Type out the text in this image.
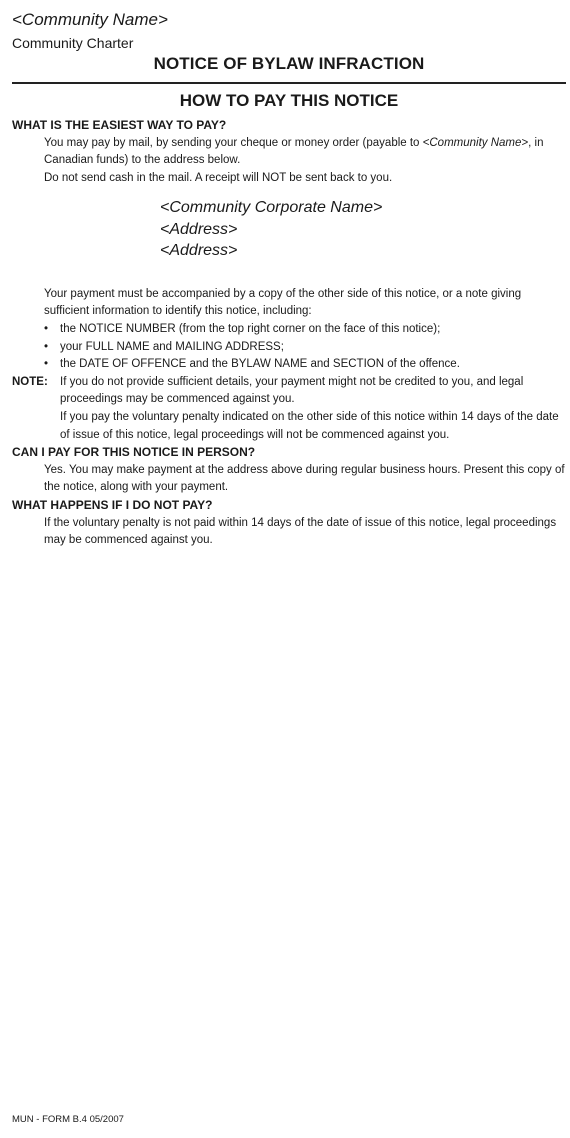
<Community Name>
Community Charter
NOTICE OF BYLAW INFRACTION
HOW TO PAY THIS NOTICE
WHAT IS THE EASIEST WAY TO PAY?
You may pay by mail, by sending your cheque or money order (payable to <Community Name>, in Canadian funds) to the address below.
Do not send cash in the mail. A receipt will NOT be sent back to you.
<Community Corporate Name>
<Address>
<Address>
Your payment must be accompanied by a copy of the other side of this notice, or a note giving sufficient information to identify this notice, including:
• the NOTICE NUMBER (from the top right corner on the face of this notice);
• your FULL NAME and MAILING ADDRESS;
• the DATE OF OFFENCE and the BYLAW NAME and SECTION of the offence.
NOTE: If you do not provide sufficient details, your payment might not be credited to you, and legal proceedings may be commenced against you.
If you pay the voluntary penalty indicated on the other side of this notice within 14 days of the date of issue of this notice, legal proceedings will not be commenced against you.
CAN I PAY FOR THIS NOTICE IN PERSON?
Yes. You may make payment at the address above during regular business hours. Present this copy of the notice, along with your payment.
WHAT HAPPENS IF I DO NOT PAY?
If the voluntary penalty is not paid within 14 days of the date of issue of this notice, legal proceedings may be commenced against you.
MUN - FORM B.4 05/2007
